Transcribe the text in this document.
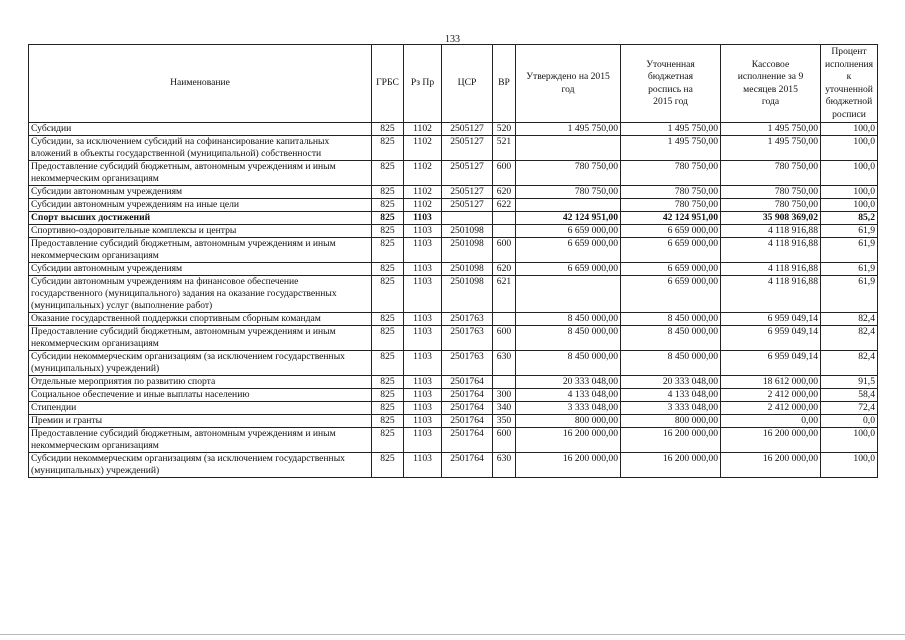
133
Наименование	ГРБС	Рз Пр	ЦСР	ВР	Утверждено на 2015 год	Уточненная бюджетная роспись на 2015 год	Кассовое исполнение за 9 месяцев 2015 года	Процент исполнения к уточненной бюджетной росписи
Субсидии	825	1102	2505127	520	1 495 750,00	1 495 750,00	1 495 750,00	100,0
Субсидии, за исключением субсидий на софинансирование капитальных вложений в объекты государственной (муниципальной) собственности	825	1102	2505127	521		1 495 750,00	1 495 750,00	100,0
Предоставление субсидий бюджетным, автономным учреждениям и иным некоммерческим организациям	825	1102	2505127	600	780 750,00	780 750,00	780 750,00	100,0
Субсидии автономным учреждениям	825	1102	2505127	620	780 750,00	780 750,00	780 750,00	100,0
Субсидии автономным учреждениям на иные цели	825	1102	2505127	622		780 750,00	780 750,00	100,0
Спорт высших достижений	825	1103			42 124 951,00	42 124 951,00	35 908 369,02	85,2
Спортивно-оздоровительные комплексы и центры	825	1103	2501098		6 659 000,00	6 659 000,00	4 118 916,88	61,9
Предоставление субсидий бюджетным, автономным учреждениям и иным некоммерческим организациям	825	1103	2501098	600	6 659 000,00	6 659 000,00	4 118 916,88	61,9
Субсидии автономным учреждениям	825	1103	2501098	620	6 659 000,00	6 659 000,00	4 118 916,88	61,9
Субсидии автономным учреждениям на финансовое обеспечение государственного (муниципального) задания на оказание государственных (муниципальных) услуг (выполнение работ)	825	1103	2501098	621		6 659 000,00	4 118 916,88	61,9
Оказание государственной поддержки спортивным сборным командам	825	1103	2501763		8 450 000,00	8 450 000,00	6 959 049,14	82,4
Предоставление субсидий бюджетным, автономным учреждениям и иным некоммерческим организациям	825	1103	2501763	600	8 450 000,00	8 450 000,00	6 959 049,14	82,4
Субсидии некоммерческим организациям (за исключением государственных (муниципальных) учреждений)	825	1103	2501763	630	8 450 000,00	8 450 000,00	6 959 049,14	82,4
Отдельные мероприятия по развитию спорта	825	1103	2501764		20 333 048,00	20 333 048,00	18 612 000,00	91,5
Социальное обеспечение и иные выплаты населению	825	1103	2501764	300	4 133 048,00	4 133 048,00	2 412 000,00	58,4
Стипендии	825	1103	2501764	340	3 333 048,00	3 333 048,00	2 412 000,00	72,4
Премии и гранты	825	1103	2501764	350	800 000,00	800 000,00	0,00	0,0
Предоставление субсидий бюджетным, автономным учреждениям и иным некоммерческим организациям	825	1103	2501764	600	16 200 000,00	16 200 000,00	16 200 000,00	100,0
Субсидии некоммерческим организациям (за исключением государственных (муниципальных) учреждений)	825	1103	2501764	630	16 200 000,00	16 200 000,00	16 200 000,00	100,0
